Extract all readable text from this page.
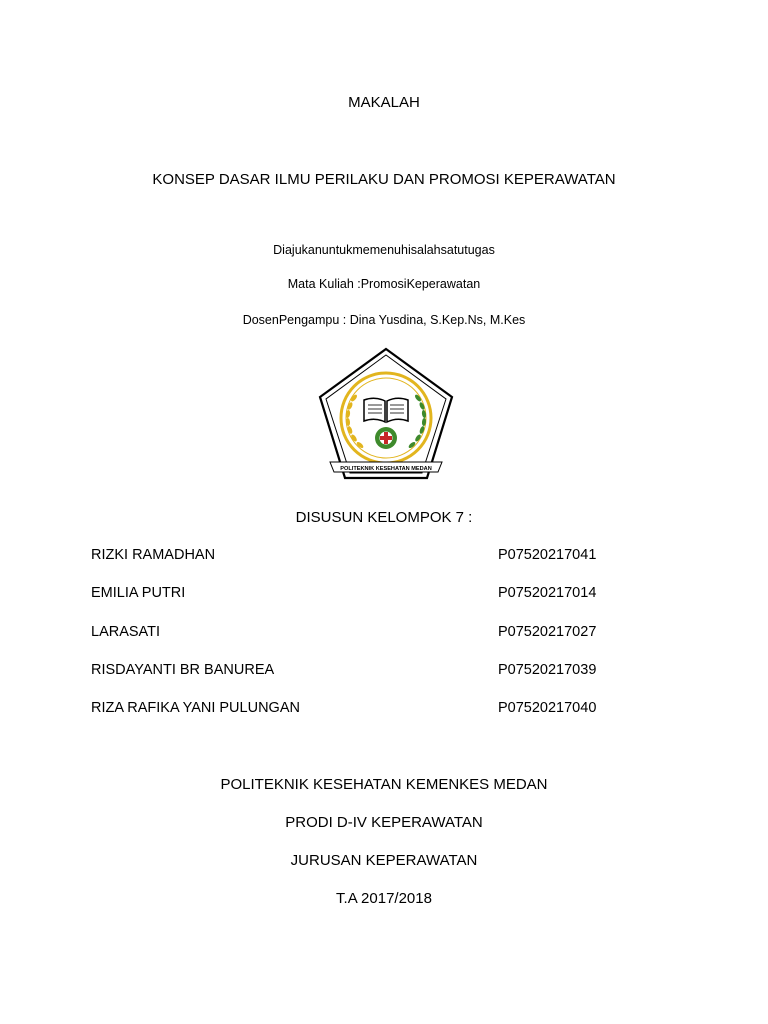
MAKALAH
KONSEP DASAR ILMU PERILAKU DAN PROMOSI KEPERAWATAN
Diajukanuntukmemenuhisalahsatutugas
Mata Kuliah :PromosiKeperawatan
DosenPengampu : Dina Yusdina, S.Kep.Ns, M.Kes
POLITEKNIK KESEHATAN MEDAN
DISUSUN KELOMPOK 7 :
RIZKI RAMADHAN	P07520217041
EMILIA PUTRI	P07520217014
LARASATI	P07520217027
RISDAYANTI BR BANUREA	P07520217039
RIZA RAFIKA YANI PULUNGAN	P07520217040
POLITEKNIK KESEHATAN KEMENKES MEDAN
PRODI D-IV KEPERAWATAN
JURUSAN KEPERAWATAN
T.A 2017/2018
